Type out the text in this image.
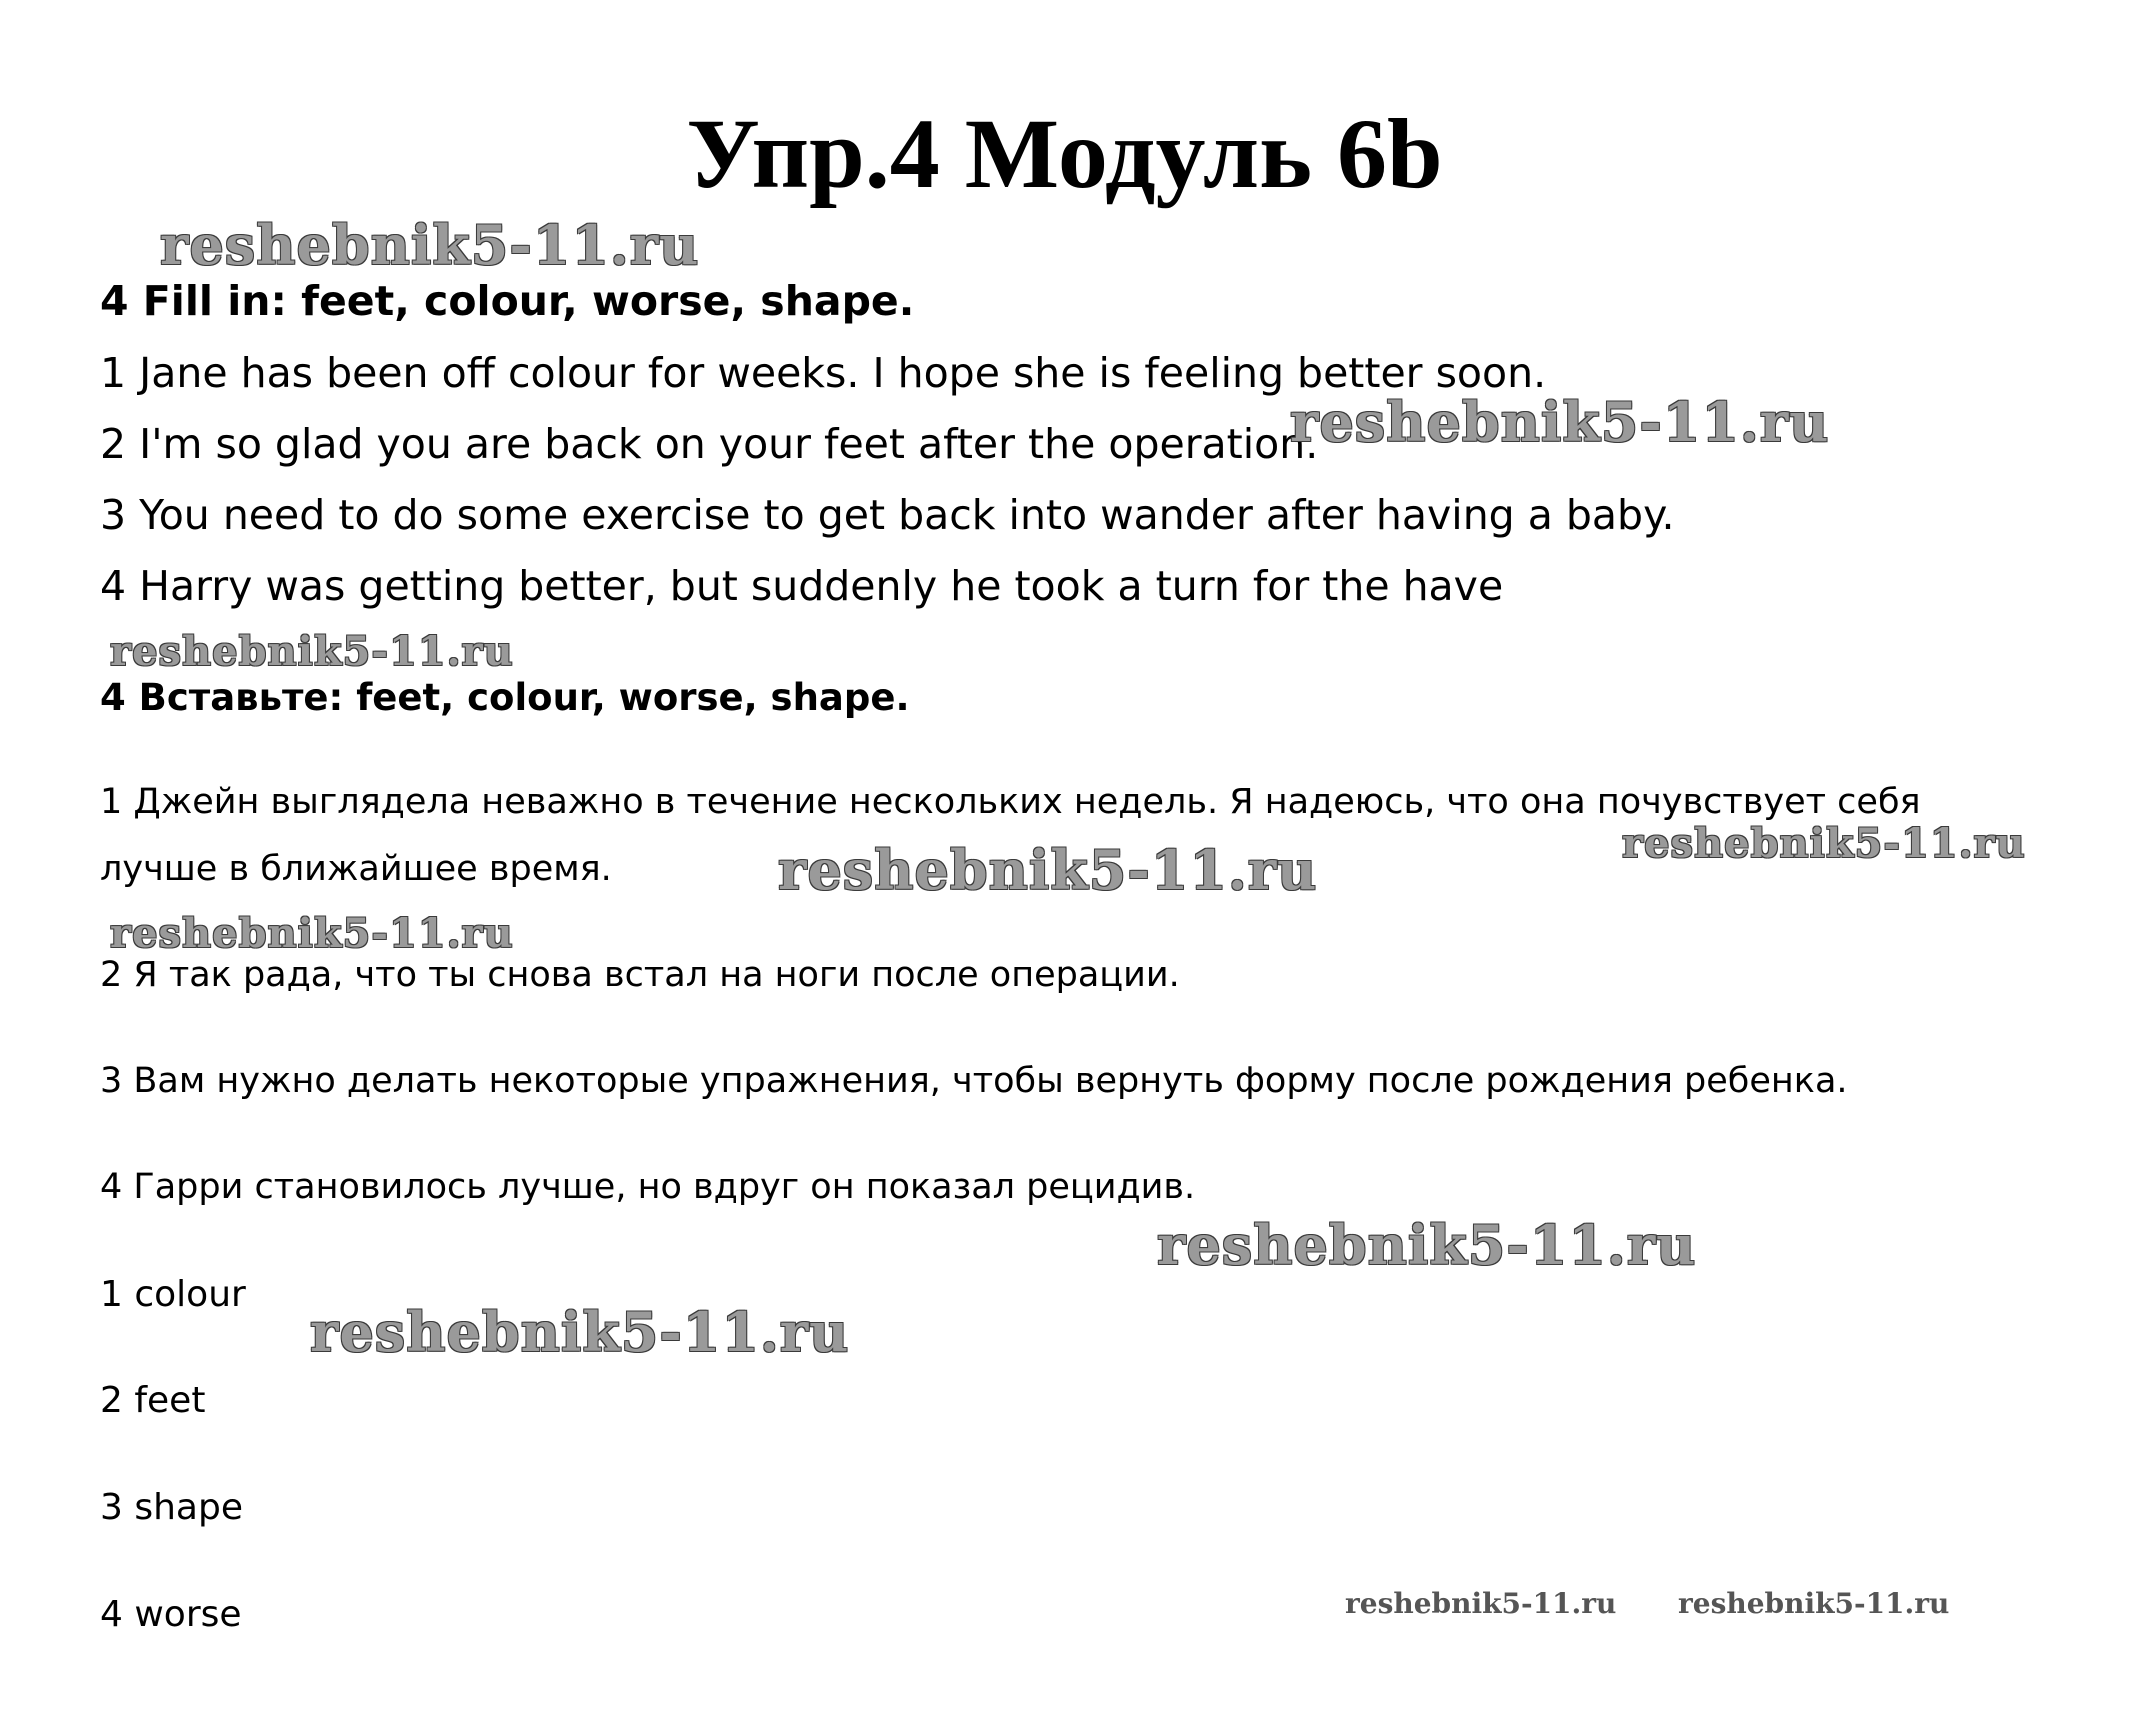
Упр.4 Модуль 6b

4 Fill in: feet, colour, worse, shape.

1 Jane has been off colour for weeks. I hope she is feeling better soon.

2 I'm so glad you are back on your feet after the operation.

3 You need to do some exercise to get back into wander after having a baby.

4 Harry was getting better, but suddenly he took a turn for the have

4 Вставьте: feet, colour, worse, shape.

1 Джейн выглядела неважно в течение нескольких недель. Я надеюсь, что она почувствует себя

лучше в ближайшее время.

2 Я так рада, что ты снова встал на ноги после операции.

3 Вам нужно делать некоторые упражнения, чтобы вернуть форму после рождения ребенка.

4 Гарри становилось лучше, но вдруг он показал рецидив.

1 colour

2 feet

3 shape

4 worse

reshebnik5-11.ru
reshebnik5-11.ru
reshebnik5-11.ru
reshebnik5-11.ru	reshebnik5-11.ru
reshebnik5-11.ru
reshebnik5-11.ru
reshebnik5-11.ru
reshebnik5-11.ru reshebnik5-11.ru
